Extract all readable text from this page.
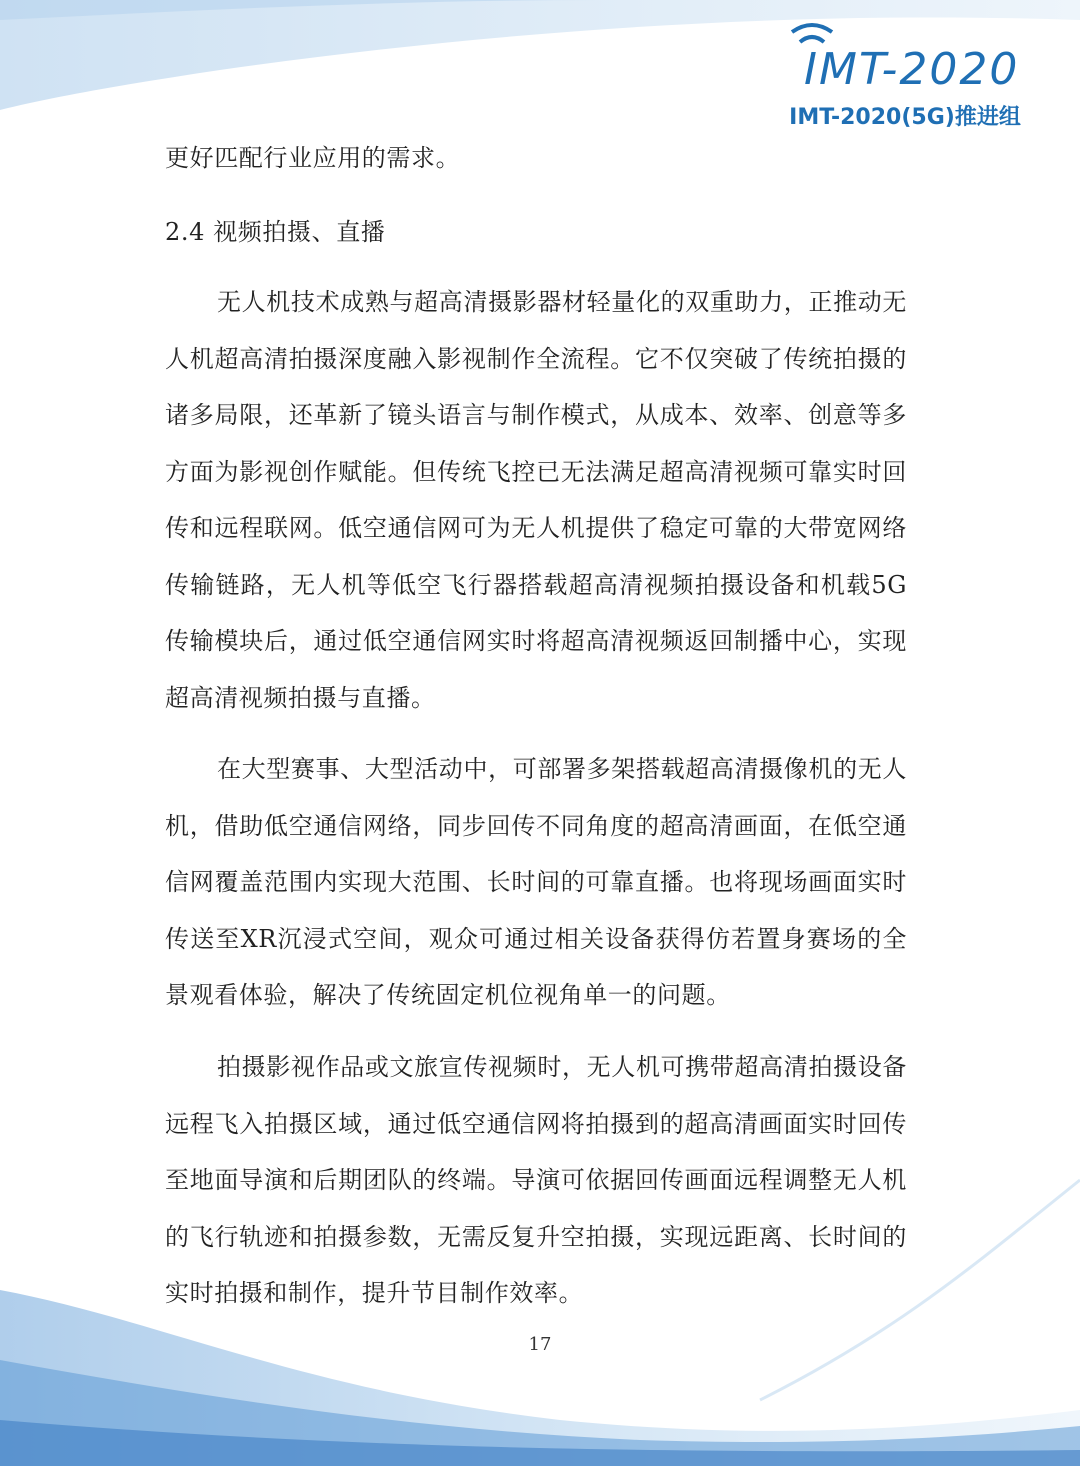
IMT-2020
IMT-2020(5G)推进组

更好匹配行业应用的需求。

2.4 视频拍摄、直播

无人机技术成熟与超高清摄影器材轻量化的双重助力，正推动无人机超高清拍摄深度融入影视制作全流程。它不仅突破了传统拍摄的诸多局限，还革新了镜头语言与制作模式，从成本、效率、创意等多方面为影视创作赋能。但传统飞控已无法满足超高清视频可靠实时回传和远程联网。低空通信网可为无人机提供了稳定可靠的大带宽网络传输链路，无人机等低空飞行器搭载超高清视频拍摄设备和机载5G传输模块后，通过低空通信网实时将超高清视频返回制播中心，实现超高清视频拍摄与直播。

在大型赛事、大型活动中，可部署多架搭载超高清摄像机的无人机，借助低空通信网络，同步回传不同角度的超高清画面，在低空通信网覆盖范围内实现大范围、长时间的可靠直播。也将现场画面实时传送至XR沉浸式空间，观众可通过相关设备获得仿若置身赛场的全景观看体验，解决了传统固定机位视角单一的问题。

拍摄影视作品或文旅宣传视频时，无人机可携带超高清拍摄设备远程飞入拍摄区域，通过低空通信网将拍摄到的超高清画面实时回传至地面导演和后期团队的终端。导演可依据回传画面远程调整无人机的飞行轨迹和拍摄参数，无需反复升空拍摄，实现远距离、长时间的实时拍摄和制作，提升节目制作效率。

17
